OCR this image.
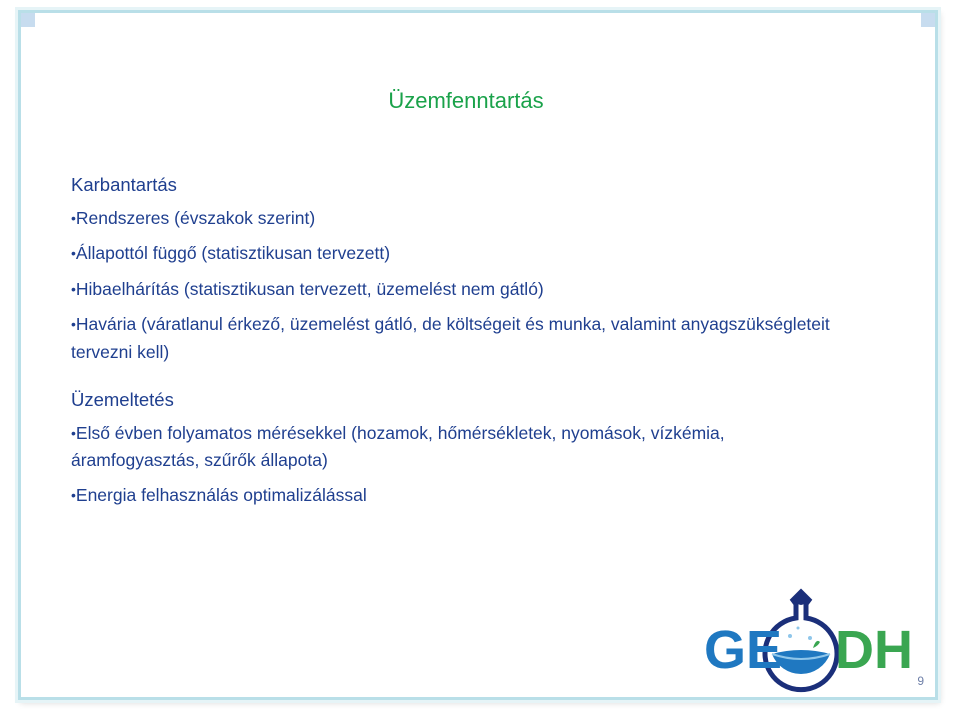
Üzemfenntartás
Karbantartás
•Rendszeres (évszakok szerint)
•Állapottól függő (statisztikusan tervezett)
•Hibaelhárítás (statisztikusan tervezett, üzemelést nem gátló)
•Havária (váratlanul érkező, üzemelést gátló, de költségeit és munka, valamint anyagszükségleteit tervezni kell)
Üzemeltetés
•Első évben folyamatos mérésekkel (hozamok, hőmérsékletek, nyomások, vízkémia, áramfogyasztás, szűrők állapota)
•Energia felhasználás optimalizálással
GE DH
9
